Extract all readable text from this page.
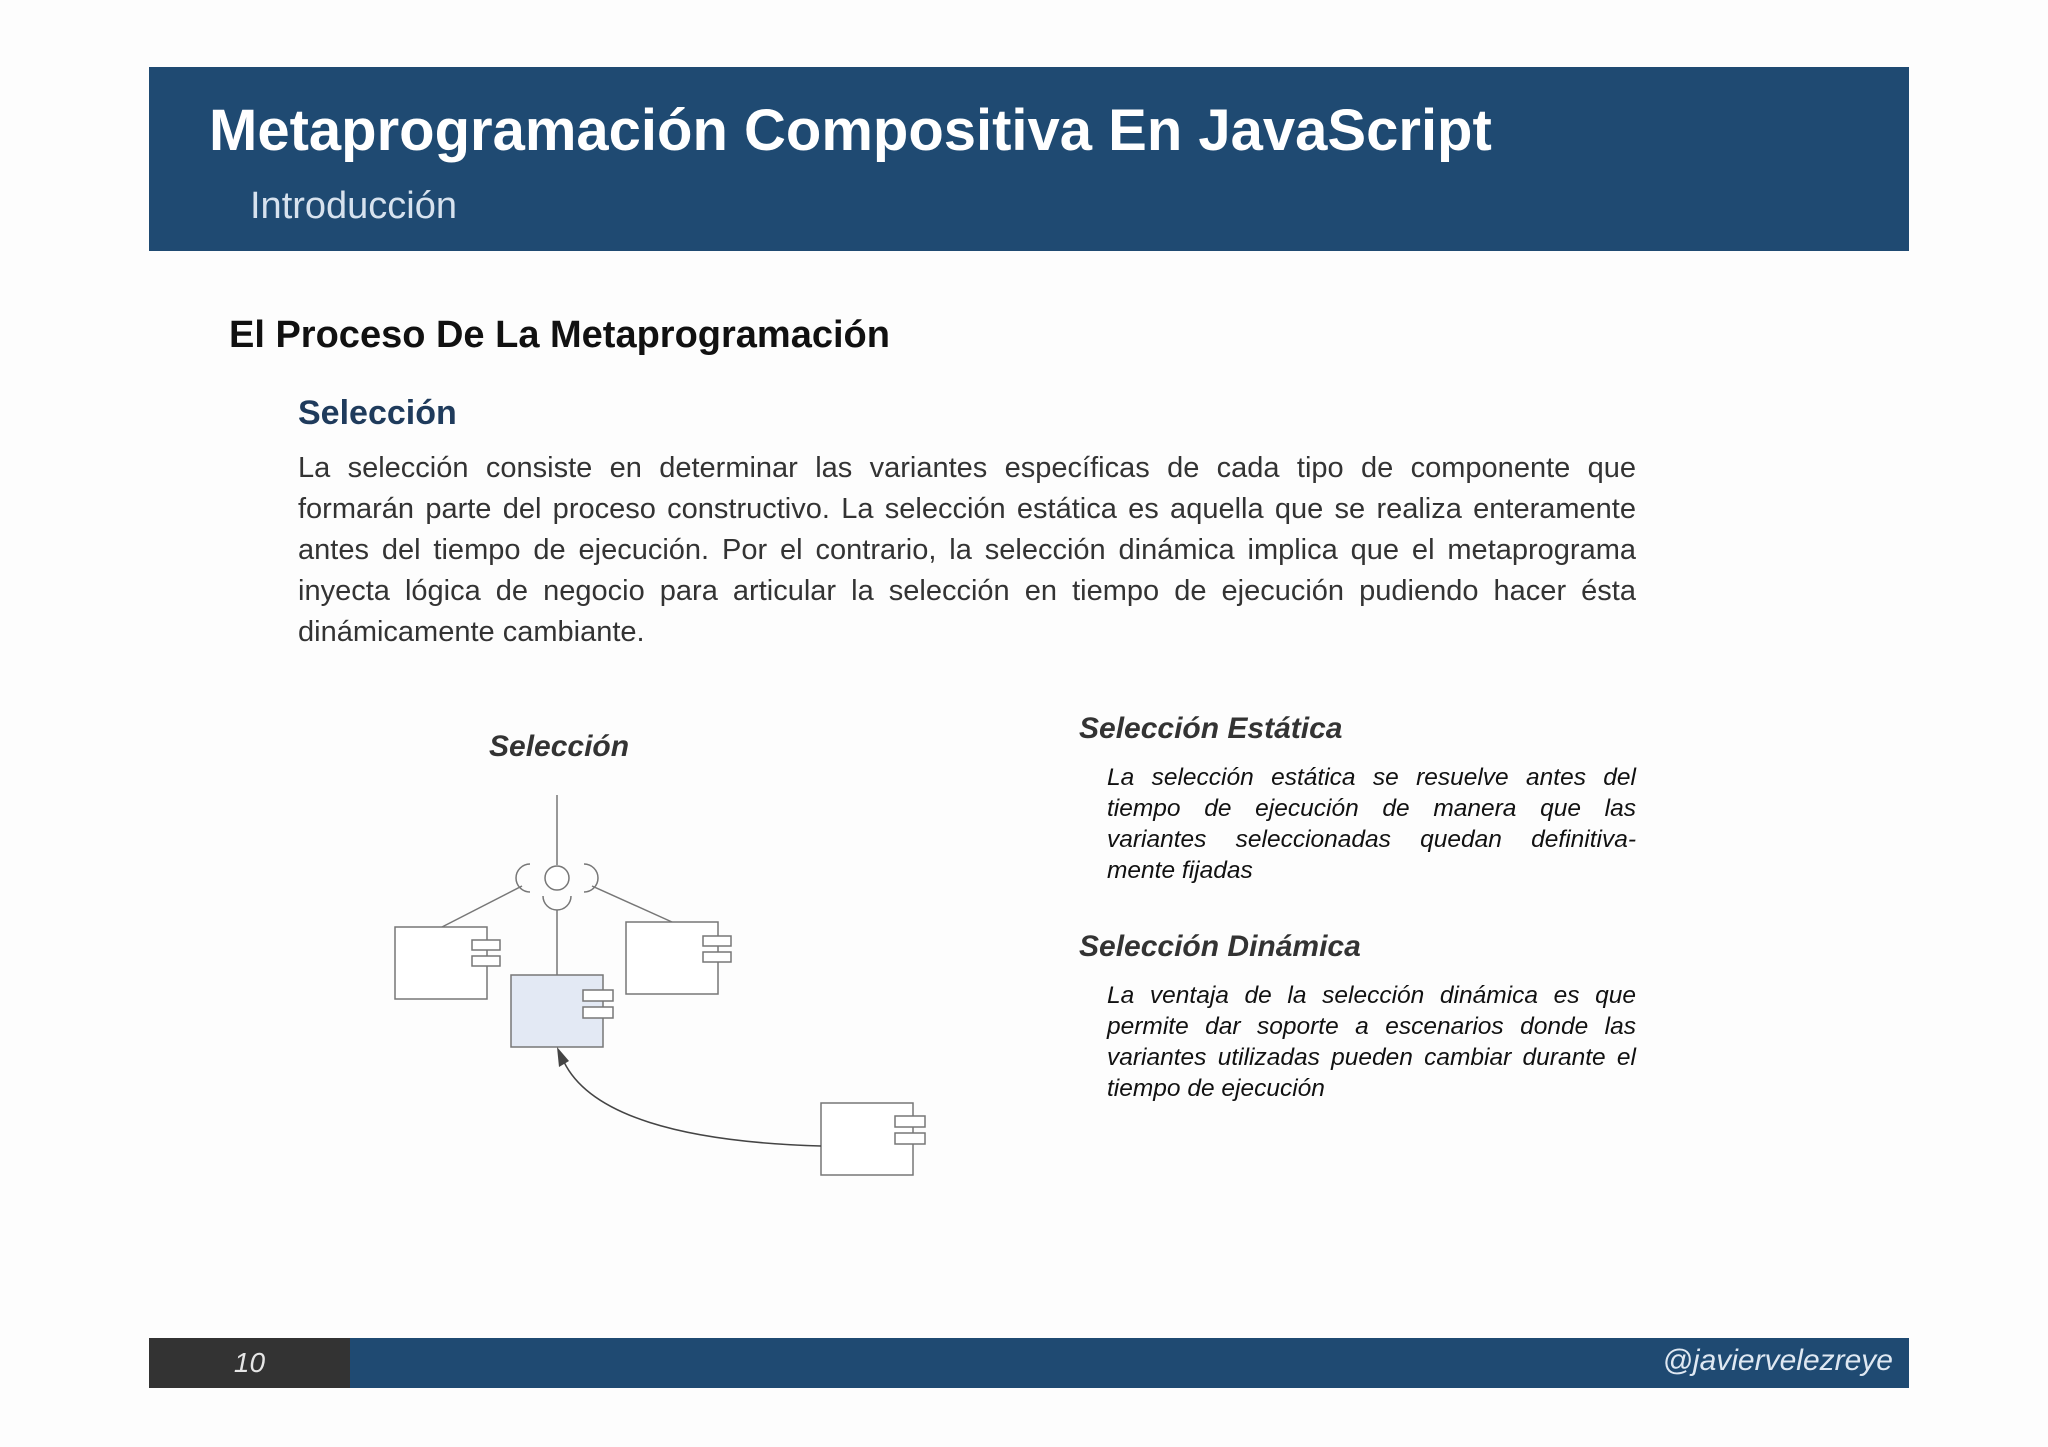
Metaprogramación Compositiva En JavaScript
Introducción
El Proceso De La Metaprogramación
Selección

La selección consiste en determinar las variantes específicas de cada tipo de componente que formarán parte del proceso constructivo. La selección estática es aquella que se realiza enteramente antes del tiempo de ejecución. Por el contrario, la selección dinámica implica que el metaprograma inyecta lógica de negocio para articular la selección en tiempo de ejecución pudiendo hacer ésta dinámicamente cambiante.

Selección
Selección Estática

La selección estática se resuelve antes del tiempo de ejecución de manera que las variantes seleccionadas quedan definitiva-mente fijadas

Selección Dinámica

La ventaja de la selección dinámica es que permite dar soporte a escenarios donde las variantes utilizadas pueden cambiar durante el tiempo de ejecución

10	@javiervelezreye
